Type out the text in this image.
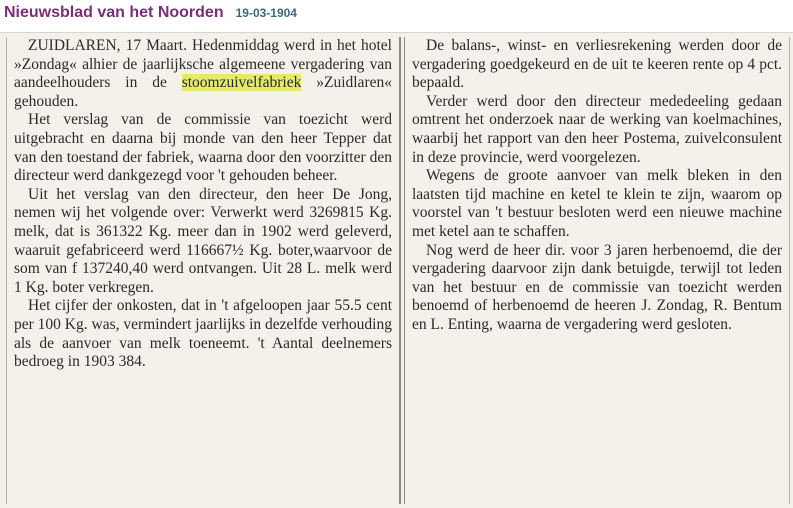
Nieuwsblad van het Noorden 19-03-1904

ZUIDLAREN, 17 Maart. Hedenmiddag werd in het hotel »Zondag« alhier de jaarlijksche algemeene vergadering van aandeelhouders in de stoomzuivelfabriek »Zuidlaren« gehouden.

Het verslag van de commissie van toezicht werd uitgebracht en daarna bij monde van den heer Tepper dat van den toestand der fabriek, waarna door den voorzitter den directeur werd dankgezegd voor 't gehouden beheer.

Uit het verslag van den directeur, den heer De Jong, nemen wij het volgende over: Verwerkt werd 3269815 Kg. melk, dat is 361322 Kg. meer dan in 1902 werd geleverd, waaruit gefabriceerd werd 116667½ Kg. boter,waarvoor de som van f 137240,40 werd ontvangen. Uit 28 L. melk werd 1 Kg. boter verkregen.

Het cijfer der onkosten, dat in 't afgeloopen jaar 55.5 cent per 100 Kg. was, vermindert jaarlijks in dezelfde verhouding als de aanvoer van melk toeneemt. 't Aantal deelnemers bedroeg in 1903 384.

De balans-, winst- en verliesrekening werden door de vergadering goedgekeurd en de uit te keeren rente op 4 pct. bepaald.

Verder werd door den directeur mededeeling gedaan omtrent het onderzoek naar de werking van koelmachines, waarbij het rapport van den heer Postema, zuivelconsulent in deze provincie, werd voorgelezen.

Wegens de groote aanvoer van melk bleken in den laatsten tijd machine en ketel te klein te zijn, waarom op voorstel van 't bestuur besloten werd een nieuwe machine met ketel aan te schaffen.

Nog werd de heer dir. voor 3 jaren herbenoemd, die der vergadering daarvoor zijn dank betuigde, terwijl tot leden van het bestuur en de commissie van toezicht werden benoemd of herbenoemd de heeren J. Zondag, R. Bentum en L. Enting, waarna de vergadering werd gesloten.
